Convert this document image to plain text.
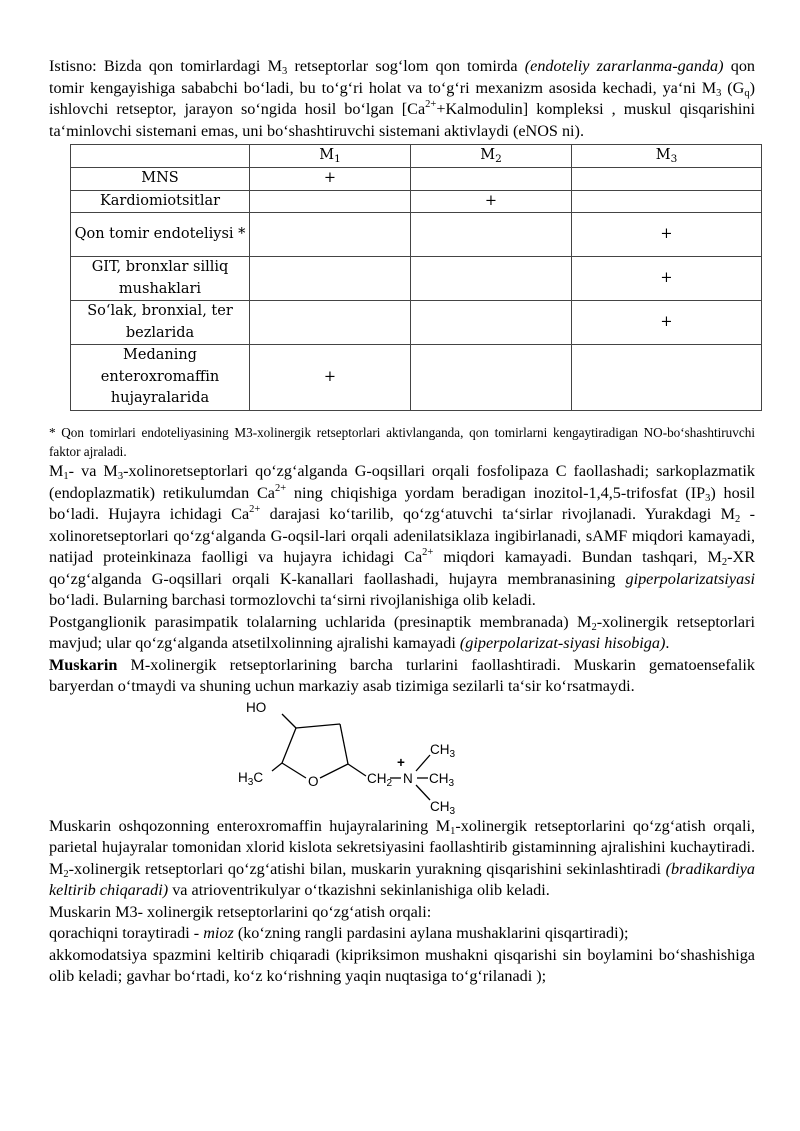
Istisno: Bizda qon tomirlardagi $M_3$ retseptorlar sog‘lom qon tomirda (endoteliy zararlanma-ganda) qon tomir kengayishiga sababchi bo‘ladi, bu to‘g‘ri holat va to‘g‘ri mexanizm asosida kechadi, ya‘ni $M_3$ $(G_q)$ ishlovchi retseptor, jarayon so‘ngida hosil bo‘lgan $[Ca^{2+}+Kalmodulin]$ kompleksi , muskul qisqarishini ta‘minlovchi sistemani emas, uni bo‘shashtiruvchi sistemani aktivlaydi (eNOS ni).

	$M_1$	$M_2$	$M_3$
MNS	+		
Kardiomiotsitlar		+	
Qon tomir endoteliysi *			+
GIT, bronxlar silliq mushaklari			+
So‘lak, bronxial, ter bezlarida			+
Medaning enteroxromaffin hujayralarida	+		

* Qon tomirlari endoteliyasining M3-xolinergik retseptorlari aktivlanganda, qon tomirlarni kengaytiradigan NO-bo‘shashtiruvchi faktor ajraladi.

$M_1-$ va $M_3$-xolinoretseptorlari qo‘zg‘alganda G-oqsillari orqali fosfolipaza C faollashadi; sarkoplazmatik (endoplazmatik) retikulumdan $Ca^{2+}$ ning chiqishiga yordam beradigan inozitol-1,4,5-trifosfat $(IP_3)$ hosil bo‘ladi. Hujayra ichidagi $Ca^{2+}$ darajasi ko‘tarilib, qo‘zg‘atuvchi ta‘sirlar rivojlanadi. Yurakdagi $M_2$ - xolinoretseptorlari qo‘zg‘alganda G-oqsil-lari orqali adenilatsiklaza ingibirlanadi, sAMF miqdori kamayadi, natijad proteinkinaza faolligi va hujayra ichidagi $Ca^{2+}$ miqdori kamayadi. Bundan tashqari, $M_2-XR$ qo‘zg‘alganda G-oqsillari orqali K-kanallari faollashadi, hujayra membranasining giperpolarizatsiyasi bo‘ladi. Bularning barchasi tormozlovchi ta‘sirni rivojlanishiga olib keladi.

Postganglionik parasimpatik tolalarning uchlarida (presinaptik membranada) $M_2$-xolinergik retseptorlari mavjud; ular qo‘zg‘alganda atsetilxolinning ajralishi kamayadi (giperpolarizat-siyasi hisobiga).

Muskarin M-xolinergik retseptorlarining barcha turlarini faollashtiradi. Muskarin gematoensefalik baryerdan o‘tmaydi va shuning uchun markaziy asab tizimiga sezilarli ta‘sir ko‘rsatmaydi.

HO
$H_3C$	O	$CH_2$
+
N
$CH_3$
$CH_3$
$CH_3$

Muskarin oshqozonning enteroxromaffin hujayralarining $M_1$-xolinergik retseptorlarini qo‘zg‘atish orqali, parietal hujayralar tomonidan xlorid kislota sekretsiyasini faollashtirib gistaminning ajralishini kuchaytiradi. $M_2$-xolinergik retseptorlari qo‘zg‘atishi bilan, muskarin yurakning qisqarishini sekinlashtiradi (bradikardiya keltirib chiqaradi) va atrioventrikulyar o‘tkazishni sekinlanishiga olib keladi.

Muskarin M3- xolinergik retseptorlarini qo‘zg‘atish orqali:

qorachiqni toraytiradi - mioz (ko‘zning rangli pardasini aylana mushaklarini qisqartiradi);

akkomodatsiya spazmini keltirib chiqaradi (kipriksimon mushakni qisqarishi sin boylamini bo‘shashishiga olib keladi; gavhar bo‘rtadi, ko‘z ko‘rishning yaqin nuqtasiga to‘g‘rilanadi );
